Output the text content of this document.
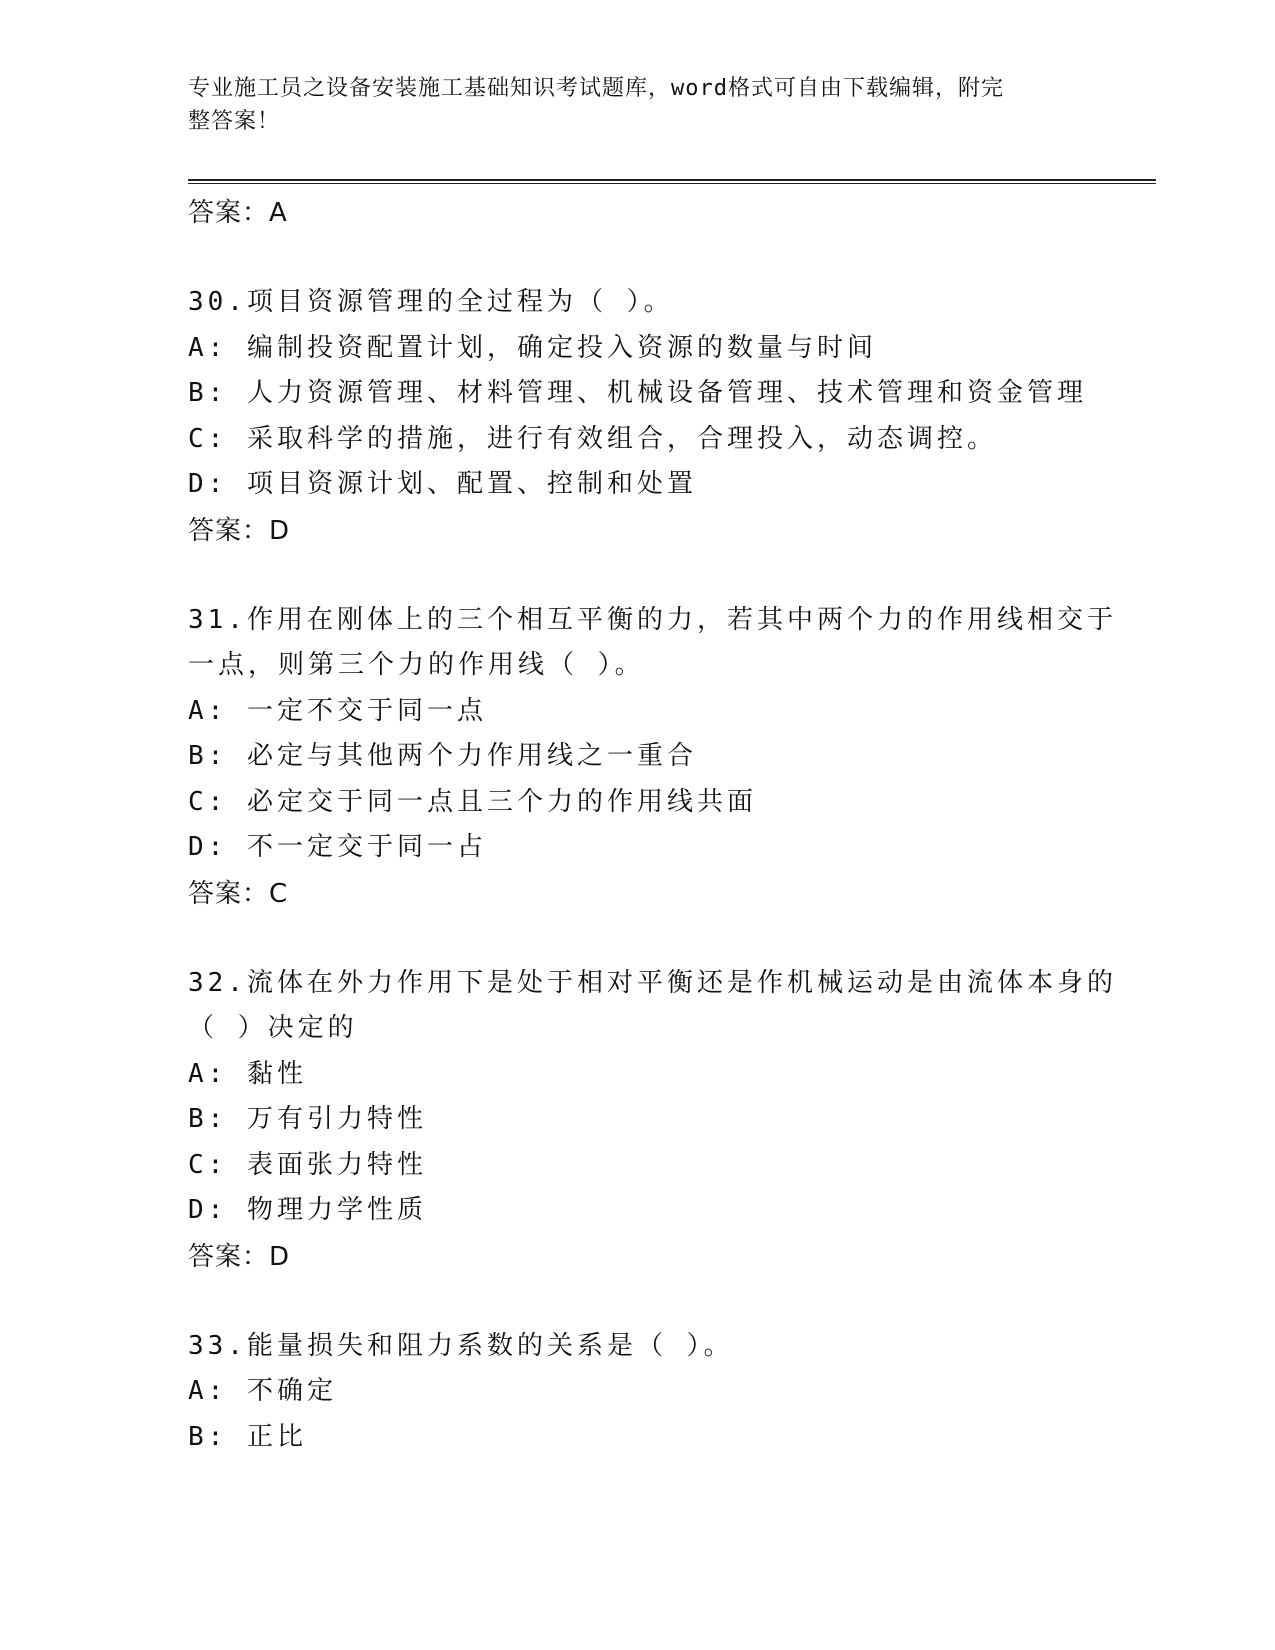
专业施工员之设备安装施工基础知识考试题库，word格式可自由下载编辑，附完
整答案！
答案：A
30.项目资源管理的全过程为（ ）。
A: 编制投资配置计划，确定投入资源的数量与时间
B: 人力资源管理、材料管理、机械设备管理、技术管理和资金管理
C: 采取科学的措施，进行有效组合，合理投入，动态调控。
D: 项目资源计划、配置、控制和处置
答案：D
31.作用在刚体上的三个相互平衡的力，若其中两个力的作用线相交于
一点，则第三个力的作用线（ ）。
A: 一定不交于同一点
B: 必定与其他两个力作用线之一重合
C: 必定交于同一点且三个力的作用线共面
D: 不一定交于同一占
答案：C
32.流体在外力作用下是处于相对平衡还是作机械运动是由流体本身的
（ ）决定的
A: 黏性
B: 万有引力特性
C: 表面张力特性
D: 物理力学性质
答案：D
33.能量损失和阻力系数的关系是（ ）。
A: 不确定
B: 正比
